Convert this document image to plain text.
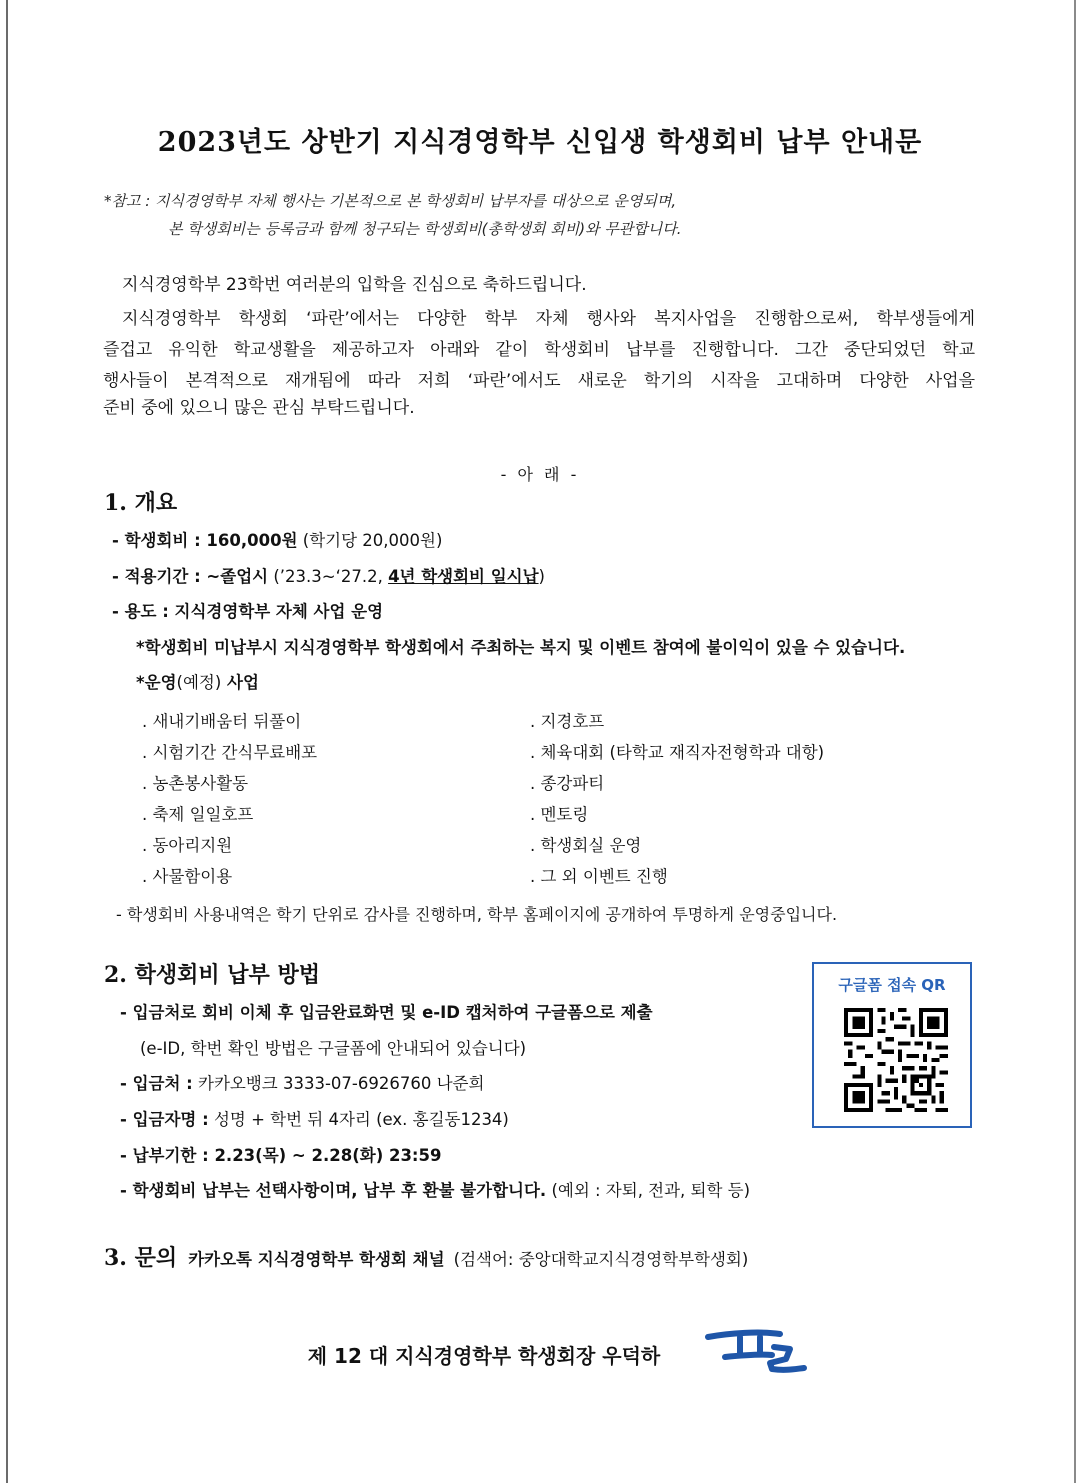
2023년도 상반기 지식경영학부 신입생 학생회비 납부 안내문
*참고 : 지식경영학부 자체 행사는 기본적으로 본 학생회비 납부자를 대상으로 운영되며,
본 학생회비는 등록금과 함께 청구되는 학생회비(총학생회 회비)와 무관합니다.
지식경영학부 23학번 여러분의 입학을 진심으로 축하드립니다.
지식경영학부 학생회 ‘파란’에서는 다양한 학부 자체 행사와 복지사업을 진행함으로써, 학부생들에게
즐겁고 유익한 학교생활을 제공하고자 아래와 같이 학생회비 납부를 진행합니다. 그간 중단되었던 학교
행사들이 본격적으로 재개됨에 따라 저희 ‘파란’에서도 새로운 학기의 시작을 고대하며 다양한 사업을
준비 중에 있으니 많은 관심 부탁드립니다.
- 아 래 -
1. 개요
- 학생회비 : 160,000원 (학기당 20,000원)
- 적용기간 : ~졸업시 (’23.3~‘27.2, 4년 학생회비 일시납)
- 용도 : 지식경영학부 자체 사업 운영
*학생회비 미납부시 지식경영학부 학생회에서 주최하는 복지 및 이벤트 참여에 불이익이 있을 수 있습니다.
*운영(예정) 사업
. 새내기배움터 뒤풀이
. 시험기간 간식무료배포
. 농촌봉사활동
. 축제 일일호프
. 동아리지원
. 사물함이용
. 지경호프
. 체육대회 (타학교 재직자전형학과 대항)
. 종강파티
. 멘토링
. 학생회실 운영
. 그 외 이벤트 진행
- 학생회비 사용내역은 학기 단위로 감사를 진행하며, 학부 홈페이지에 공개하여 투명하게 운영중입니다.
2. 학생회비 납부 방법
- 입금처로 회비 이체 후 입금완료화면 및 e-ID 캡처하여 구글폼으로 제출
(e-ID, 학번 확인 방법은 구글폼에 안내되어 있습니다)
- 입금처 : 카카오뱅크 3333-07-6926760 나준희
- 입금자명 : 성명 + 학번 뒤 4자리 (ex. 홍길동1234)
- 납부기한 : 2.23(목) ~ 2.28(화) 23:59
- 학생회비 납부는 선택사항이며, 납부 후 환불 불가합니다. (예외 : 자퇴, 전과, 퇴학 등)
구글폼 접속 QR
3. 문의 카카오톡 지식경영학부 학생회 채널 (검색어: 중앙대학교지식경영학부학생회)
제 12 대 지식경영학부 학생회장 우덕하
